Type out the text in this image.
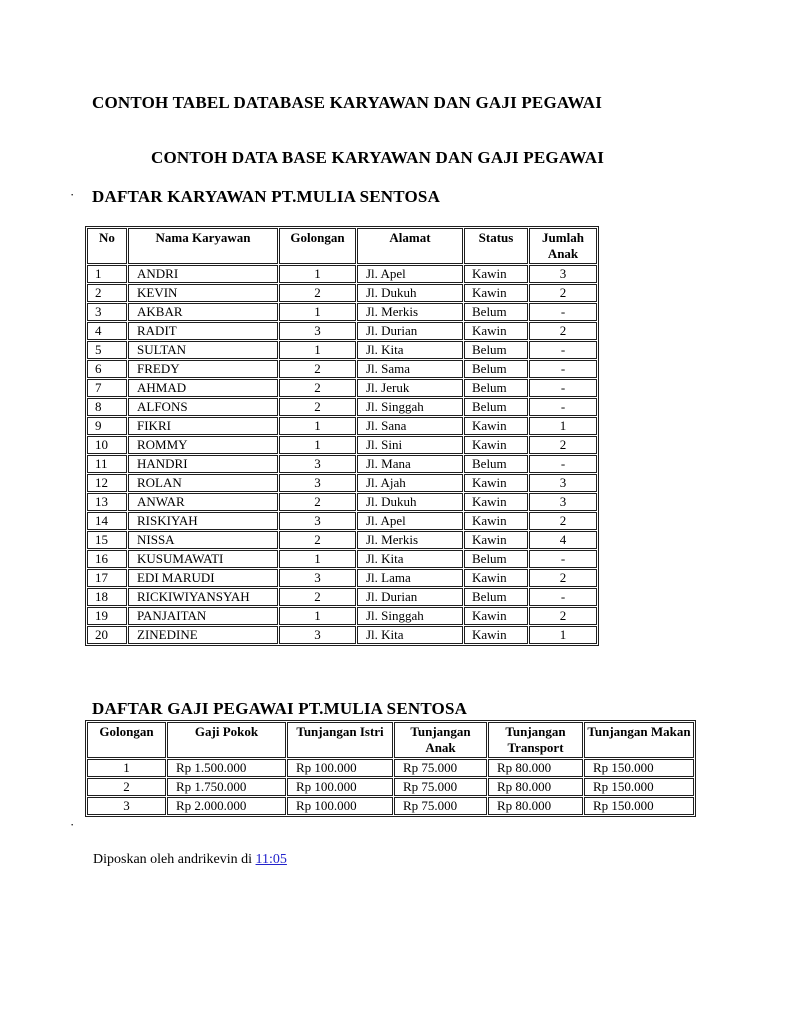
CONTOH TABEL DATABASE KARYAWAN DAN GAJI PEGAWAI
CONTOH DATA BASE KARYAWAN DAN GAJI PEGAWAI
· DAFTAR KARYAWAN PT.MULIA SENTOSA
No	Nama Karyawan	Golongan	Alamat	Status	Jumlah Anak
1	ANDRI	1	Jl. Apel	Kawin	3
2	KEVIN	2	Jl. Dukuh	Kawin	2
3	AKBAR	1	Jl. Merkis	Belum	-
4	RADIT	3	Jl. Durian	Kawin	2
5	SULTAN	1	Jl. Kita	Belum	-
6	FREDY	2	Jl. Sama	Belum	-
7	AHMAD	2	Jl. Jeruk	Belum	-
8	ALFONS	2	Jl. Singgah	Belum	-
9	FIKRI	1	Jl. Sana	Kawin	1
10	ROMMY	1	Jl. Sini	Kawin	2
11	HANDRI	3	Jl. Mana	Belum	-
12	ROLAN	3	Jl. Ajah	Kawin	3
13	ANWAR	2	Jl. Dukuh	Kawin	3
14	RISKIYAH	3	Jl. Apel	Kawin	2
15	NISSA	2	Jl. Merkis	Kawin	4
16	KUSUMAWATI	1	Jl. Kita	Belum	-
17	EDI MARUDI	3	Jl. Lama	Kawin	2
18	RICKIWIYANSYAH	2	Jl. Durian	Belum	-
19	PANJAITAN	1	Jl. Singgah	Kawin	2
20	ZINEDINE	3	Jl. Kita	Kawin	1
DAFTAR GAJI PEGAWAI PT.MULIA SENTOSA
Golongan	Gaji Pokok	Tunjangan Istri	Tunjangan Anak	Tunjangan Transport	Tunjangan Makan
1	Rp 1.500.000	Rp 100.000	Rp 75.000	Rp 80.000	Rp 150.000
2	Rp 1.750.000	Rp 100.000	Rp 75.000	Rp 80.000	Rp 150.000
3	Rp 2.000.000	Rp 100.000	Rp 75.000	Rp 80.000	Rp 150.000
·
Diposkan oleh andrikevin di 11:05
